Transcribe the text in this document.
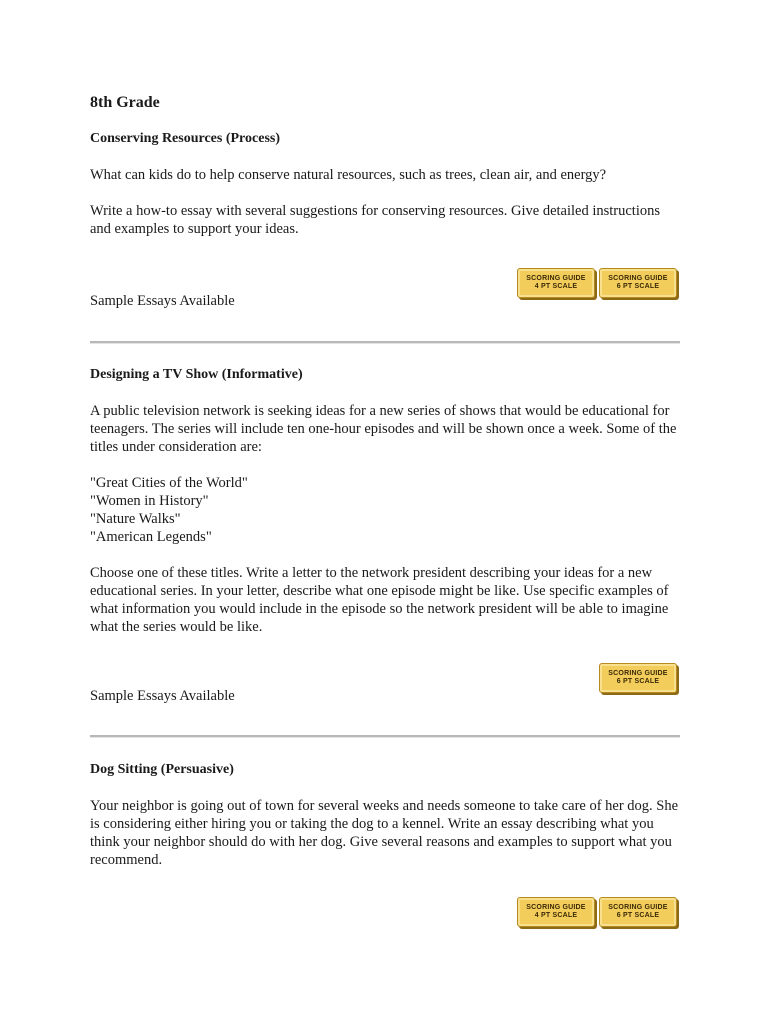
8th Grade

Conserving Resources (Process)

What can kids do to help conserve natural resources, such as trees, clean air, and energy?

Write a how-to essay with several suggestions for conserving resources. Give detailed instructions and examples to support your ideas.

SCORING GUIDE
4 PT SCALE
SCORING GUIDE
6 PT SCALE

Sample Essays Available

Designing a TV Show (Informative)

A public television network is seeking ideas for a new series of shows that would be educational for teenagers. The series will include ten one-hour episodes and will be shown once a week. Some of the titles under consideration are:

"Great Cities of the World"

"Women in History"

"Nature Walks"

"American Legends"

Choose one of these titles. Write a letter to the network president describing your ideas for a new educational series. In your letter, describe what one episode might be like. Use specific examples of what information you would include in the episode so the network president will be able to imagine what the series would be like.

SCORING GUIDE
6 PT SCALE

Sample Essays Available

Dog Sitting (Persuasive)

Your neighbor is going out of town for several weeks and needs someone to take care of her dog. She is considering either hiring you or taking the dog to a kennel. Write an essay describing what you think your neighbor should do with her dog. Give several reasons and examples to support what you recommend.

SCORING GUIDE
4 PT SCALE
SCORING GUIDE
6 PT SCALE
